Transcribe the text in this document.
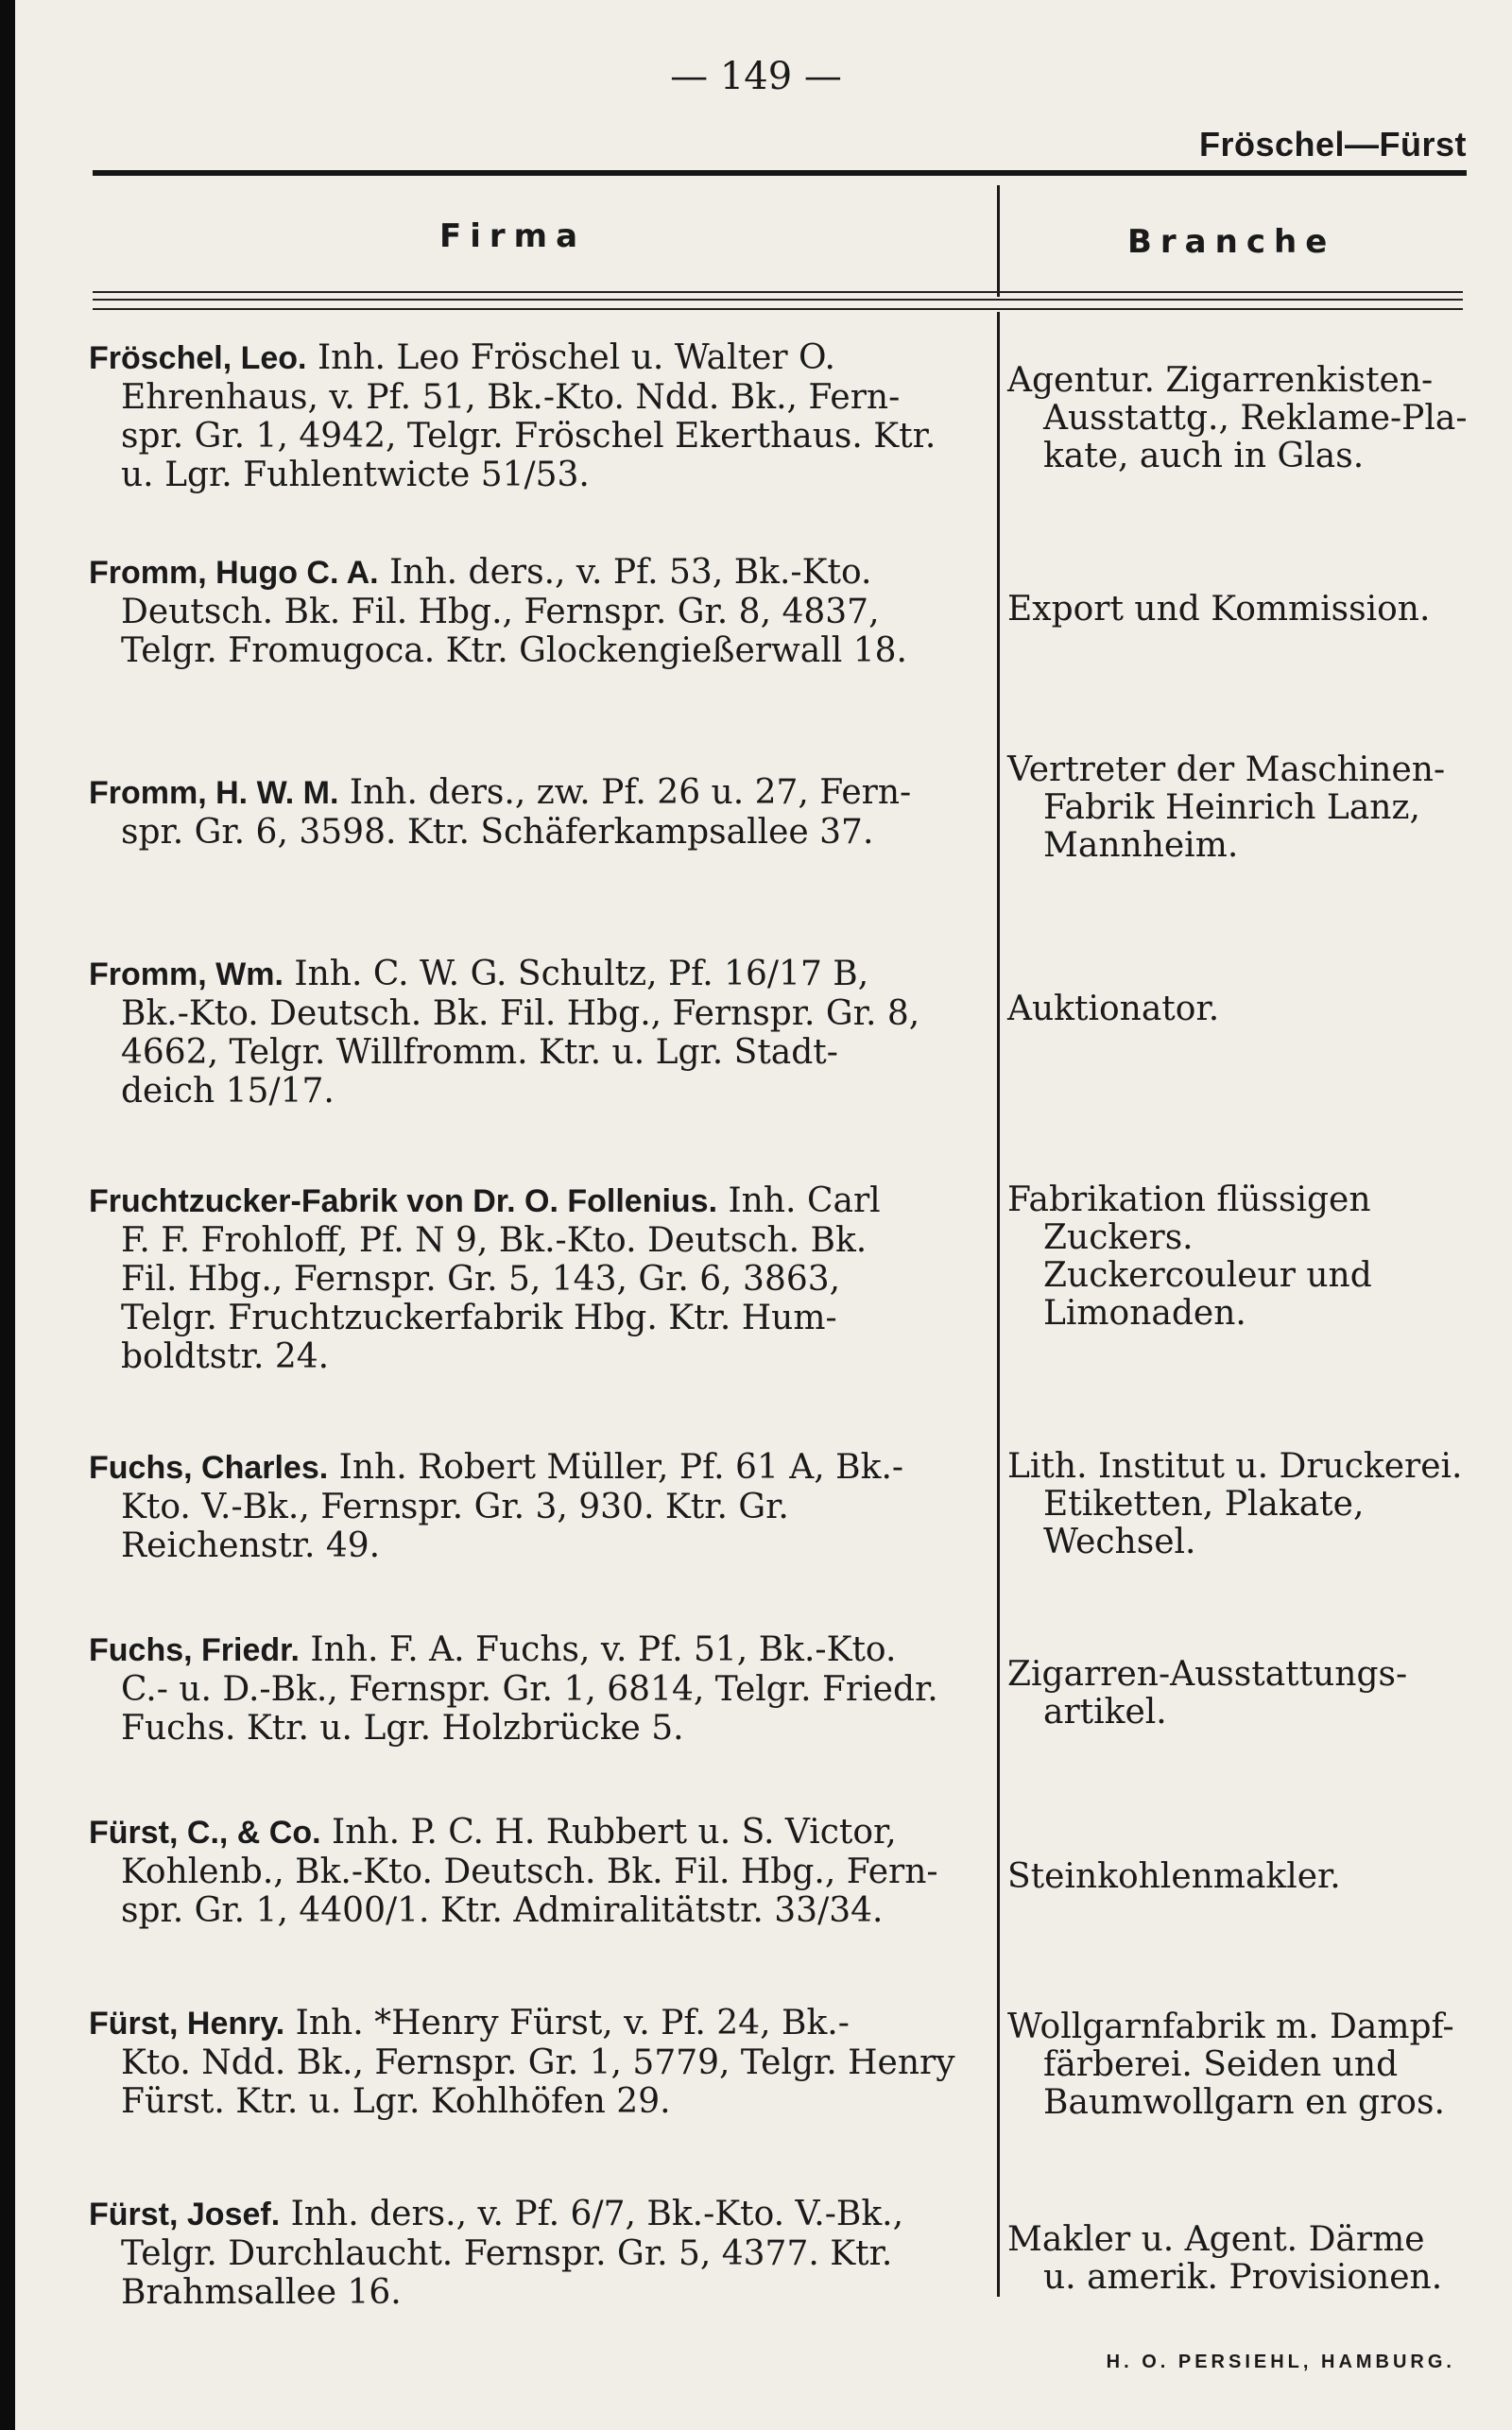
— 149 —
Fröschel—Fürst
Firma	Branche
Fröschel, Leo. Inh. Leo Fröschel u. Walter O.
Ehrenhaus, v. Pf. 51, Bk.-Kto. Ndd. Bk., Fern-
spr. Gr. 1, 4942, Telgr. Fröschel Ekerthaus. Ktr.
u. Lgr. Fuhlentwicte 51/53.
Agentur. Zigarrenkisten-
Ausstattg., Reklame-Pla-
kate, auch in Glas.
Fromm, Hugo C. A. Inh. ders., v. Pf. 53, Bk.-Kto.
Deutsch. Bk. Fil. Hbg., Fernspr. Gr. 8, 4837,
Telgr. Fromugoca. Ktr. Glockengießerwall 18.
Export und Kommission.
Fromm, H. W. M. Inh. ders., zw. Pf. 26 u. 27, Fern-
spr. Gr. 6, 3598. Ktr. Schäferkampsallee 37.
Vertreter der Maschinen-
Fabrik Heinrich Lanz,
Mannheim.
Fromm, Wm. Inh. C. W. G. Schultz, Pf. 16/17 B,
Bk.-Kto. Deutsch. Bk. Fil. Hbg., Fernspr. Gr. 8,
4662, Telgr. Willfromm. Ktr. u. Lgr. Stadt-
deich 15/17.
Auktionator.
Fruchtzucker-Fabrik von Dr. O. Follenius. Inh. Carl
F. F. Frohloff, Pf. N 9, Bk.-Kto. Deutsch. Bk.
Fil. Hbg., Fernspr. Gr. 5, 143, Gr. 6, 3863,
Telgr. Fruchtzuckerfabrik Hbg. Ktr. Hum-
boldtstr. 24.
Fabrikation flüssigen
Zuckers.
Zuckercouleur und
Limonaden.
Fuchs, Charles. Inh. Robert Müller, Pf. 61 A, Bk.-
Kto. V.-Bk., Fernspr. Gr. 3, 930. Ktr. Gr.
Reichenstr. 49.
Lith. Institut u. Druckerei.
Etiketten, Plakate,
Wechsel.
Fuchs, Friedr. Inh. F. A. Fuchs, v. Pf. 51, Bk.-Kto.
C.- u. D.-Bk., Fernspr. Gr. 1, 6814, Telgr. Friedr.
Fuchs. Ktr. u. Lgr. Holzbrücke 5.
Zigarren-Ausstattungs-
artikel.
Fürst, C., & Co. Inh. P. C. H. Rubbert u. S. Victor,
Kohlenb., Bk.-Kto. Deutsch. Bk. Fil. Hbg., Fern-
spr. Gr. 1, 4400/1. Ktr. Admiralitätstr. 33/34.
Steinkohlenmakler.
Fürst, Henry. Inh. *Henry Fürst, v. Pf. 24, Bk.-
Kto. Ndd. Bk., Fernspr. Gr. 1, 5779, Telgr. Henry
Fürst. Ktr. u. Lgr. Kohlhöfen 29.
Wollgarnfabrik m. Dampf-
färberei. Seiden und
Baumwollgarn en gros.
Fürst, Josef. Inh. ders., v. Pf. 6/7, Bk.-Kto. V.-Bk.,
Telgr. Durchlaucht. Fernspr. Gr. 5, 4377. Ktr.
Brahmsallee 16.
Makler u. Agent. Därme
u. amerik. Provisionen.
H. O. PERSIEHL, HAMBURG.
